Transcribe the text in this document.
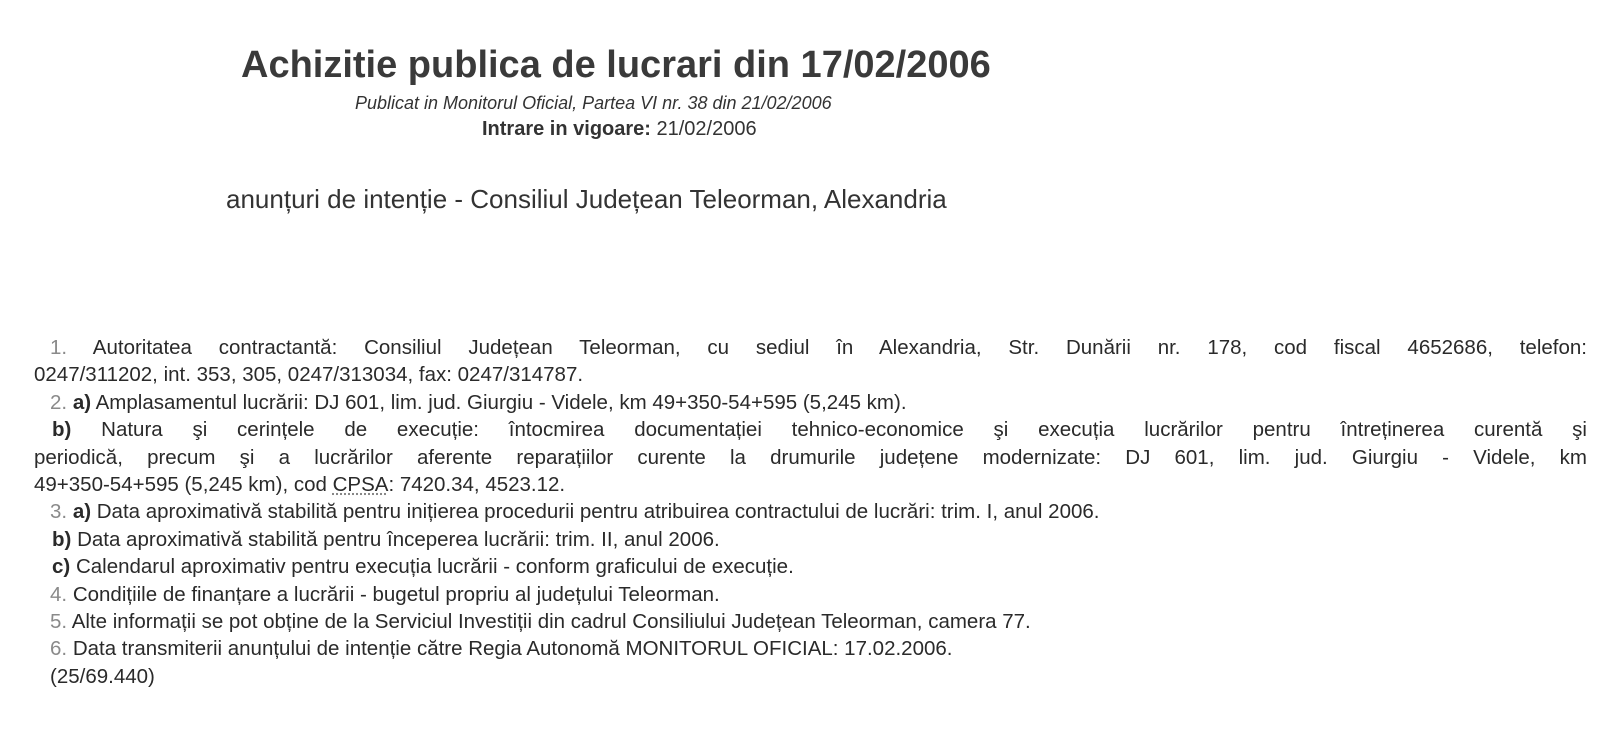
Achizitie publica de lucrari din 17/02/2006
Publicat in Monitorul Oficial, Partea VI nr. 38 din 21/02/2006
Intrare in vigoare: 21/02/2006
anunțuri de intenție - Consiliul Județean Teleorman, Alexandria
1. Autoritatea contractantă: Consiliul Județean Teleorman, cu sediul în Alexandria, Str. Dunării nr. 178, cod fiscal 4652686, telefon:
0247/311202, int. 353, 305, 0247/313034, fax: 0247/314787.
2. a) Amplasamentul lucrării: DJ 601, lim. jud. Giurgiu - Videle, km 49+350-54+595 (5,245 km).
b) Natura şi cerințele de execuție: întocmirea documentației tehnico-economice şi execuția lucrărilor pentru întreținerea curentă şi
periodică, precum şi a lucrărilor aferente reparațiilor curente la drumurile județene modernizate: DJ 601, lim. jud. Giurgiu - Videle, km
49+350-54+595 (5,245 km), cod CPSA: 7420.34, 4523.12.
3. a) Data aproximativă stabilită pentru inițierea procedurii pentru atribuirea contractului de lucrări: trim. I, anul 2006.
b) Data aproximativă stabilită pentru începerea lucrării: trim. II, anul 2006.
c) Calendarul aproximativ pentru execuția lucrării - conform graficului de execuție.
4. Condițiile de finanțare a lucrării - bugetul propriu al județului Teleorman.
5. Alte informații se pot obține de la Serviciul Investiții din cadrul Consiliului Județean Teleorman, camera 77.
6. Data transmiterii anunțului de intenție către Regia Autonomă MONITORUL OFICIAL: 17.02.2006.
(25/69.440)
